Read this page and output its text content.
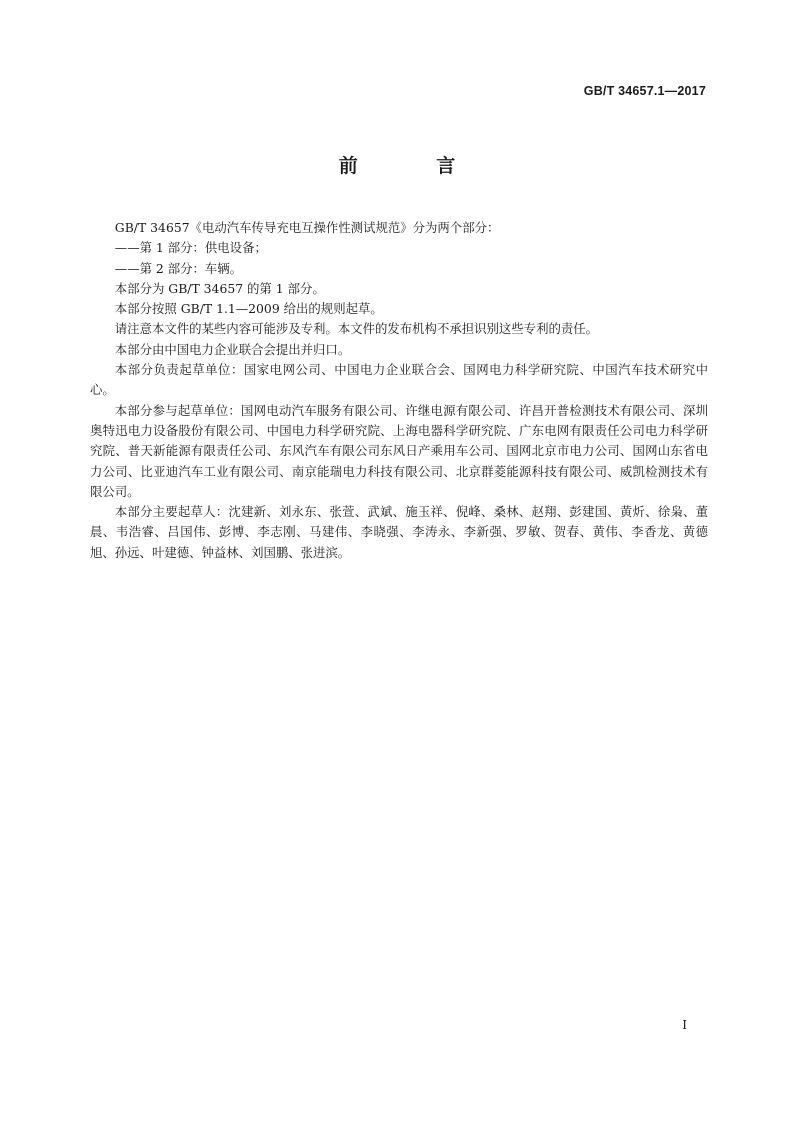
GB/T 34657.1—2017
前 言

GB/T 34657《电动汽车传导充电互操作性测试规范》分为两个部分：

——第 1 部分：供电设备；

——第 2 部分：车辆。

本部分为 GB/T 34657 的第 1 部分。

本部分按照 GB/T 1.1—2009 给出的规则起草。

请注意本文件的某些内容可能涉及专利。本文件的发布机构不承担识别这些专利的责任。

本部分由中国电力企业联合会提出并归口。

本部分负责起草单位：国家电网公司、中国电力企业联合会、国网电力科学研究院、中国汽车技术研究中心。

本部分参与起草单位：国网电动汽车服务有限公司、许继电源有限公司、许昌开普检测技术有限公司、深圳奥特迅电力设备股份有限公司、中国电力科学研究院、上海电器科学研究院、广东电网有限责任公司电力科学研究院、普天新能源有限责任公司、东风汽车有限公司东风日产乘用车公司、国网北京市电力公司、国网山东省电力公司、比亚迪汽车工业有限公司、南京能瑞电力科技有限公司、北京群菱能源科技有限公司、威凯检测技术有限公司。

本部分主要起草人：沈建新、刘永东、张萱、武斌、施玉祥、倪峰、桑林、赵翔、彭建国、黄炘、徐枭、董晨、韦浩睿、吕国伟、彭博、李志刚、马建伟、李晓强、李涛永、李新强、罗敏、贺春、黄伟、李香龙、黄德旭、孙远、叶建德、钟益林、刘国鹏、张进滨。

I
